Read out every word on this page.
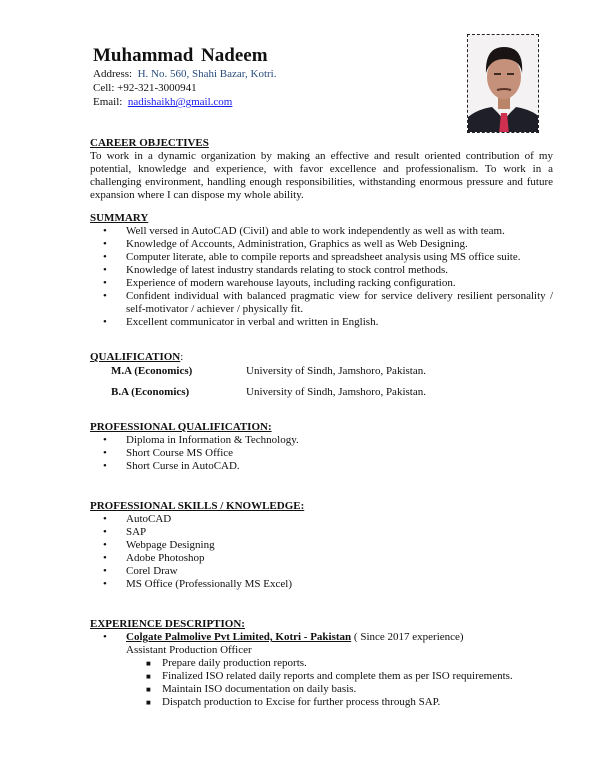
Muhammad Nadeem
Address: H. No. 560, Shahi Bazar, Kotri.
Cell: +92-321-3000941
Email: nadishaikh@gmail.com
CAREER OBJECTIVES
To work in a dynamic organization by making an effective and result oriented contribution of my potential, knowledge and experience, with favor excellence and professionalism. To work in a challenging environment, handling enough responsibilities, withstanding enormous pressure and future expansion where I can dispose my whole ability.
SUMMARY
• Well versed in AutoCAD (Civil) and able to work independently as well as with team.
• Knowledge of Accounts, Administration, Graphics as well as Web Designing.
• Computer literate, able to compile reports and spreadsheet analysis using MS office suite.
• Knowledge of latest industry standards relating to stock control methods.
• Experience of modern warehouse layouts, including racking configuration.
• Confident individual with balanced pragmatic view for service delivery resilient personality / self-motivator / achiever / physically fit.
• Excellent communicator in verbal and written in English.
QUALIFICATION:
M.A (Economics)	University of Sindh, Jamshoro, Pakistan.
B.A (Economics)	University of Sindh, Jamshoro, Pakistan.
PROFESSIONAL QUALIFICATION:
• Diploma in Information & Technology.
• Short Course MS Office
• Short Curse in AutoCAD.
PROFESSIONAL SKILLS / KNOWLEDGE:
• AutoCAD
• SAP
• Webpage Designing
• Adobe Photoshop
• Corel Draw
• MS Office (Professionally MS Excel)
EXPERIENCE DESCRIPTION:
• Colgate Palmolive Pvt Limited, Kotri - Pakistan ( Since 2017 experience)
Assistant Production Officer
■ Prepare daily production reports.
■ Finalized ISO related daily reports and complete them as per ISO requirements.
■ Maintain ISO documentation on daily basis.
■ Dispatch production to Excise for further process through SAP.
